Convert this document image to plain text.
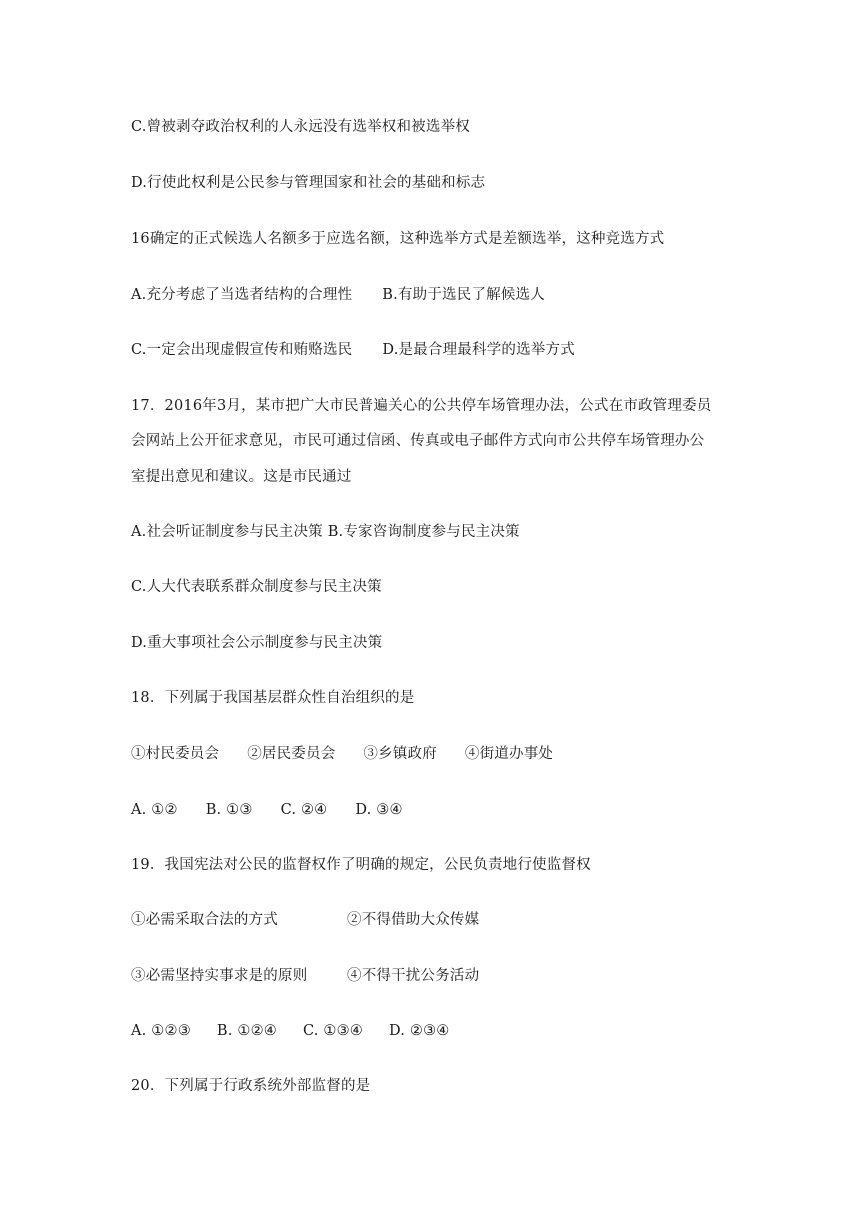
C.曾被剥夺政治权利的人永远没有选举权和被选举权
D.行使此权利是公民参与管理国家和社会的基础和标志
16确定的正式候选人名额多于应选名额，这种选举方式是差额选举，这种竞选方式
A.充分考虑了当选者结构的合理性 B.有助于选民了解候选人
C.一定会出现虚假宣传和贿赂选民 D.是最合理最科学的选举方式
17．2016年3月，某市把广大市民普遍关心的公共停车场管理办法，公式在市政管理委员
会网站上公开征求意见，市民可通过信函、传真或电子邮件方式向市公共停车场管理办公
室提出意见和建议。这是市民通过
A.社会听证制度参与民主决策 B.专家咨询制度参与民主决策
C.人大代表联系群众制度参与民主决策
D.重大事项社会公示制度参与民主决策
18．下列属于我国基层群众性自治组织的是
①村民委员会 ②居民委员会 ③乡镇政府 ④街道办事处
A. ①② B. ①③ C. ②④ D. ③④
19．我国宪法对公民的监督权作了明确的规定，公民负责地行使监督权
①必需采取合法的方式	②不得借助大众传媒
③必需坚持实事求是的原则	④不得干扰公务活动
A. ①②③ B. ①②④ C. ①③④ D. ②③④
20．下列属于行政系统外部监督的是
